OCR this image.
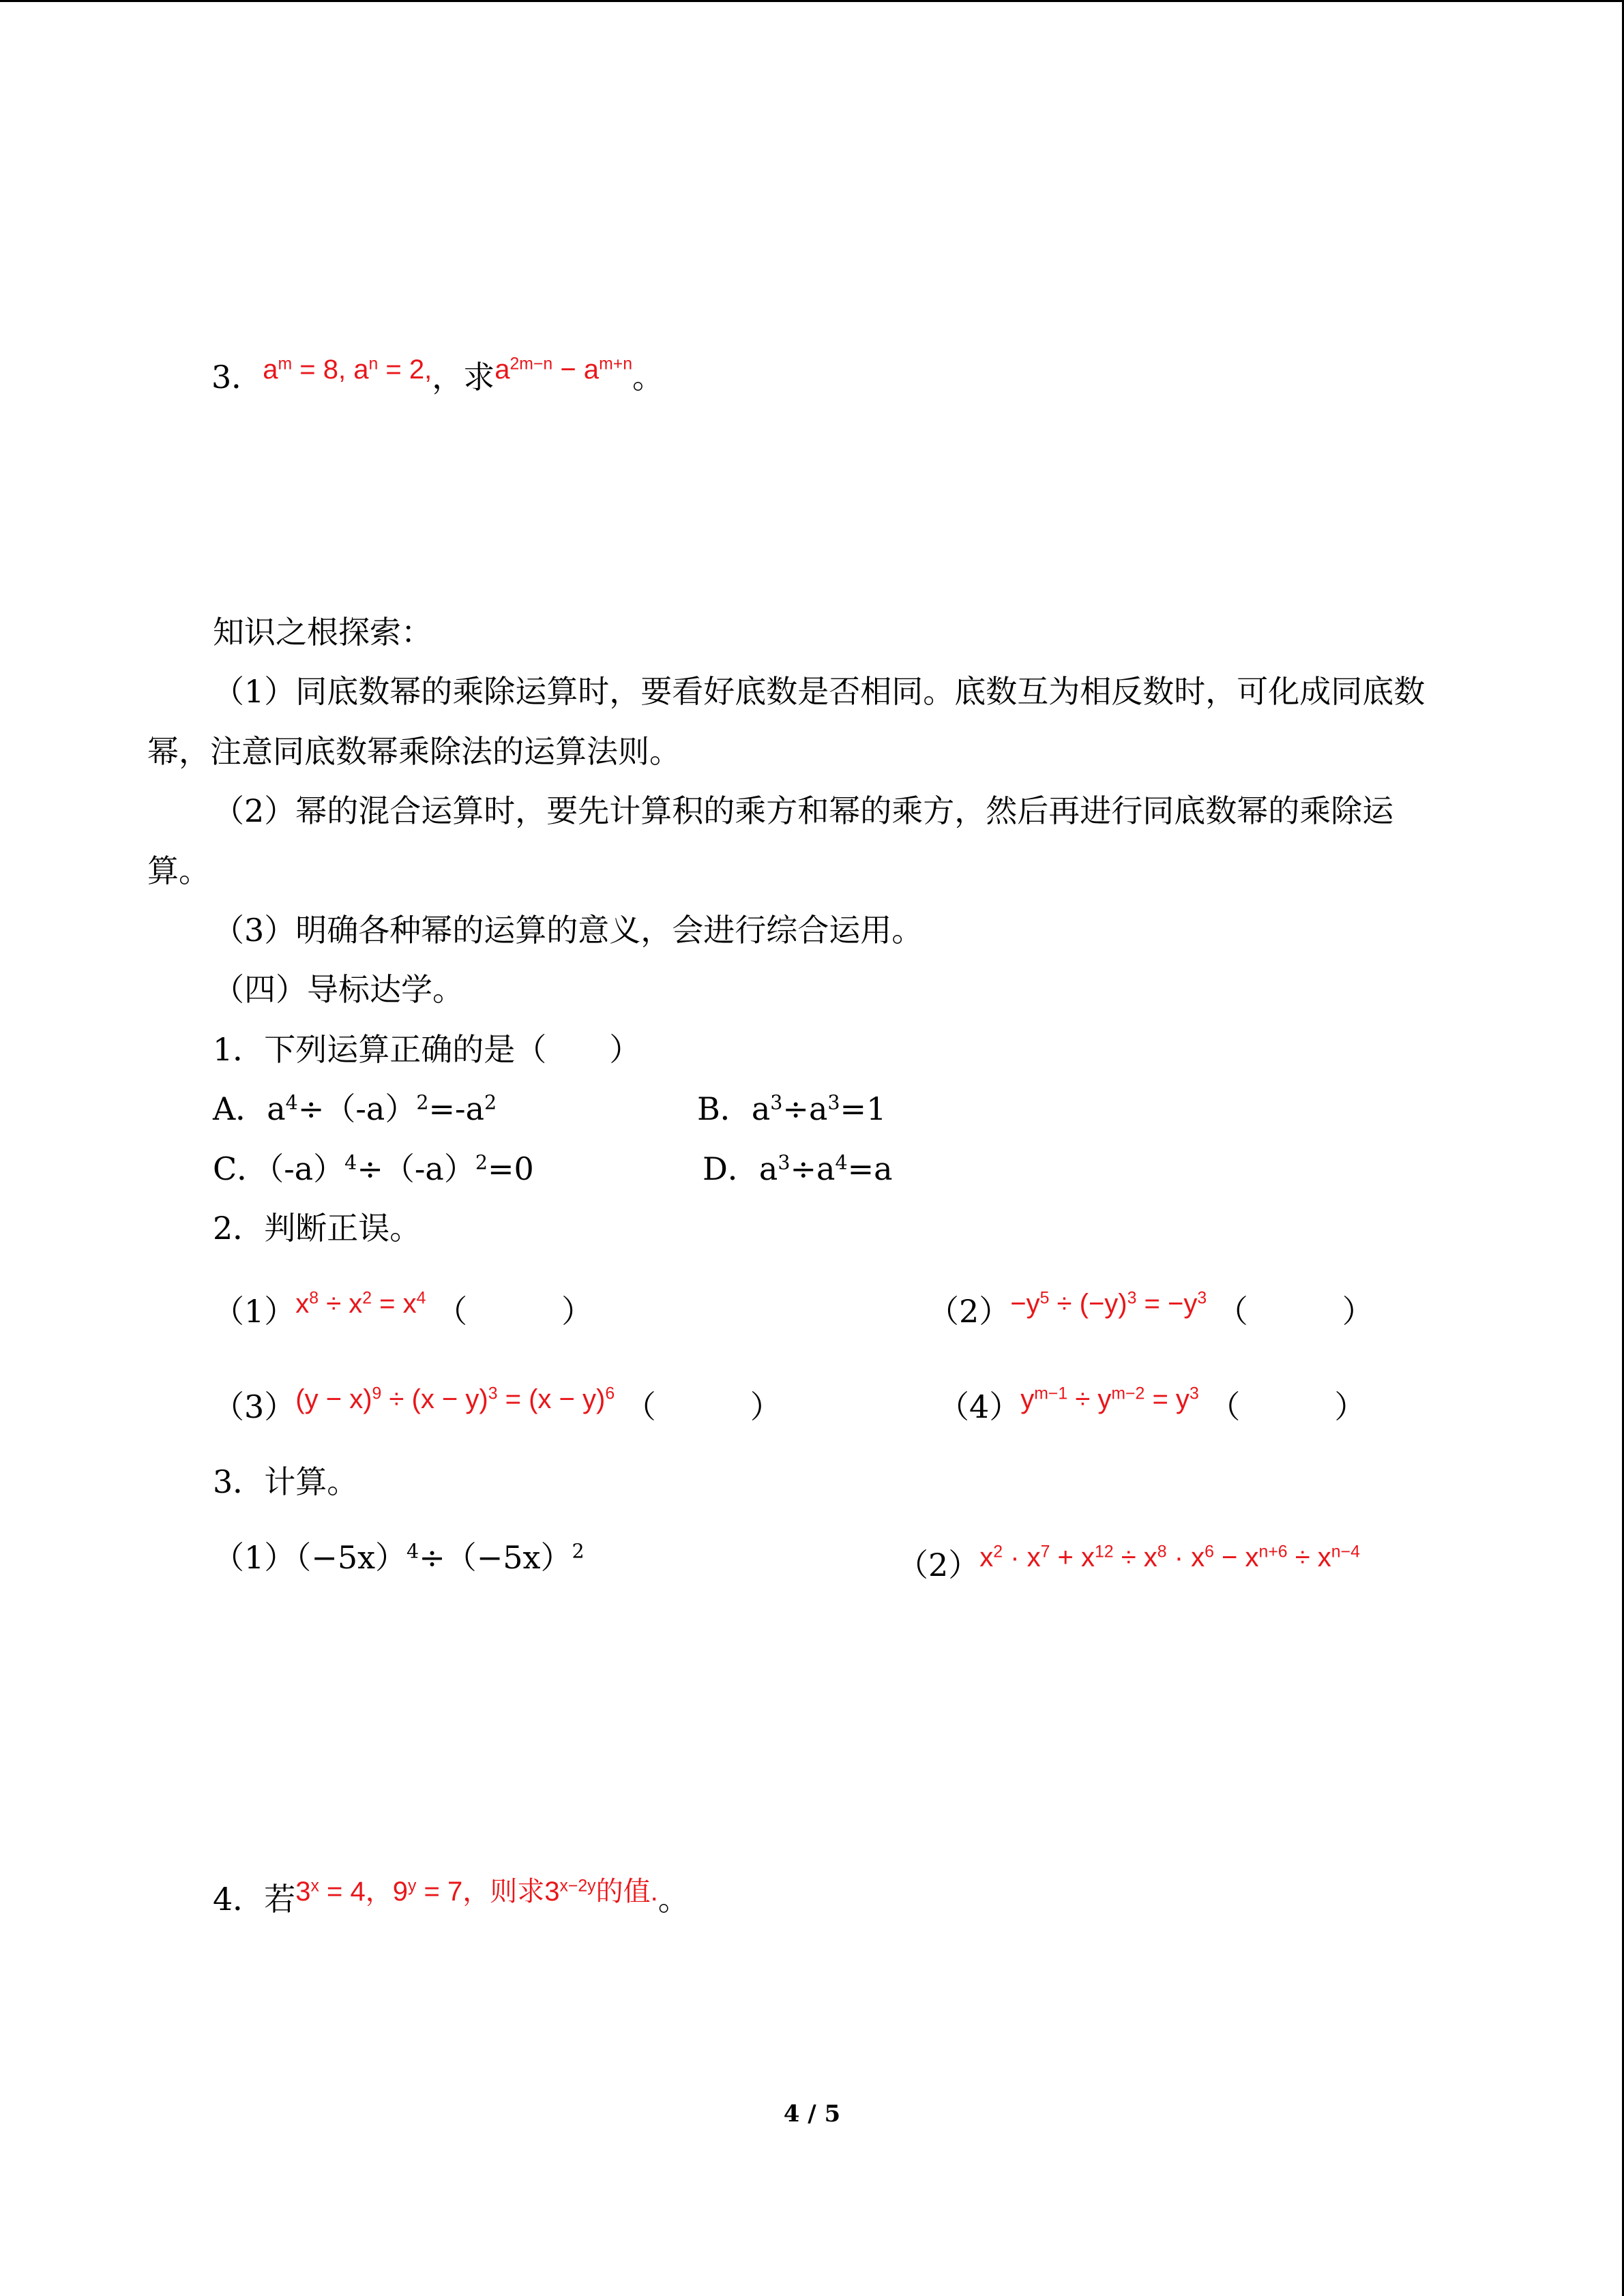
3．$a^m = 8$, $a^n = 2$,，求$a^{2m-n} - a^{m+n}$。
知识之根探索：
（1）同底数幂的乘除运算时，要看好底数是否相同。底数互为相反数时，可化成同底数
幂，注意同底数幂乘除法的运算法则。
（2）幂的混合运算时，要先计算积的乘方和幂的乘方，然后再进行同底数幂的乘除运
算。
（3）明确各种幂的运算的意义，会进行综合运用。
（四）导标达学。
1．下列运算正确的是（　　）
A．$a^4\div(-a)^2=-a^2$	B．$a^3\div a^3=1$
C．$(-a)^4\div(-a)^2=0$	D．$a^3\div a^4=a$
2．判断正误。
$(1)x^8 \div x^2 = x^4$ （　　　）	$(2)-y^5 \div (-y)^3 = -y^3$ （　　　）
$(3)(y - x)^9 \div (x - y)^3 = (x - y)^6$ （　　　）	$(4)y^{m-1} \div y^{m-2} = y^3$ （　　　）
3．计算。
$(1)(-5x)^4\div(-5x)^2$	$(2)x^2 \cdot x^7 + x^{12} \div x^8 \cdot x^6 - x^{n+6} \div x^{n-4}$
4．若$3^x = 4$，$9^y = 7$，则求$3^{x-2y}$的值.。
4 / 5
